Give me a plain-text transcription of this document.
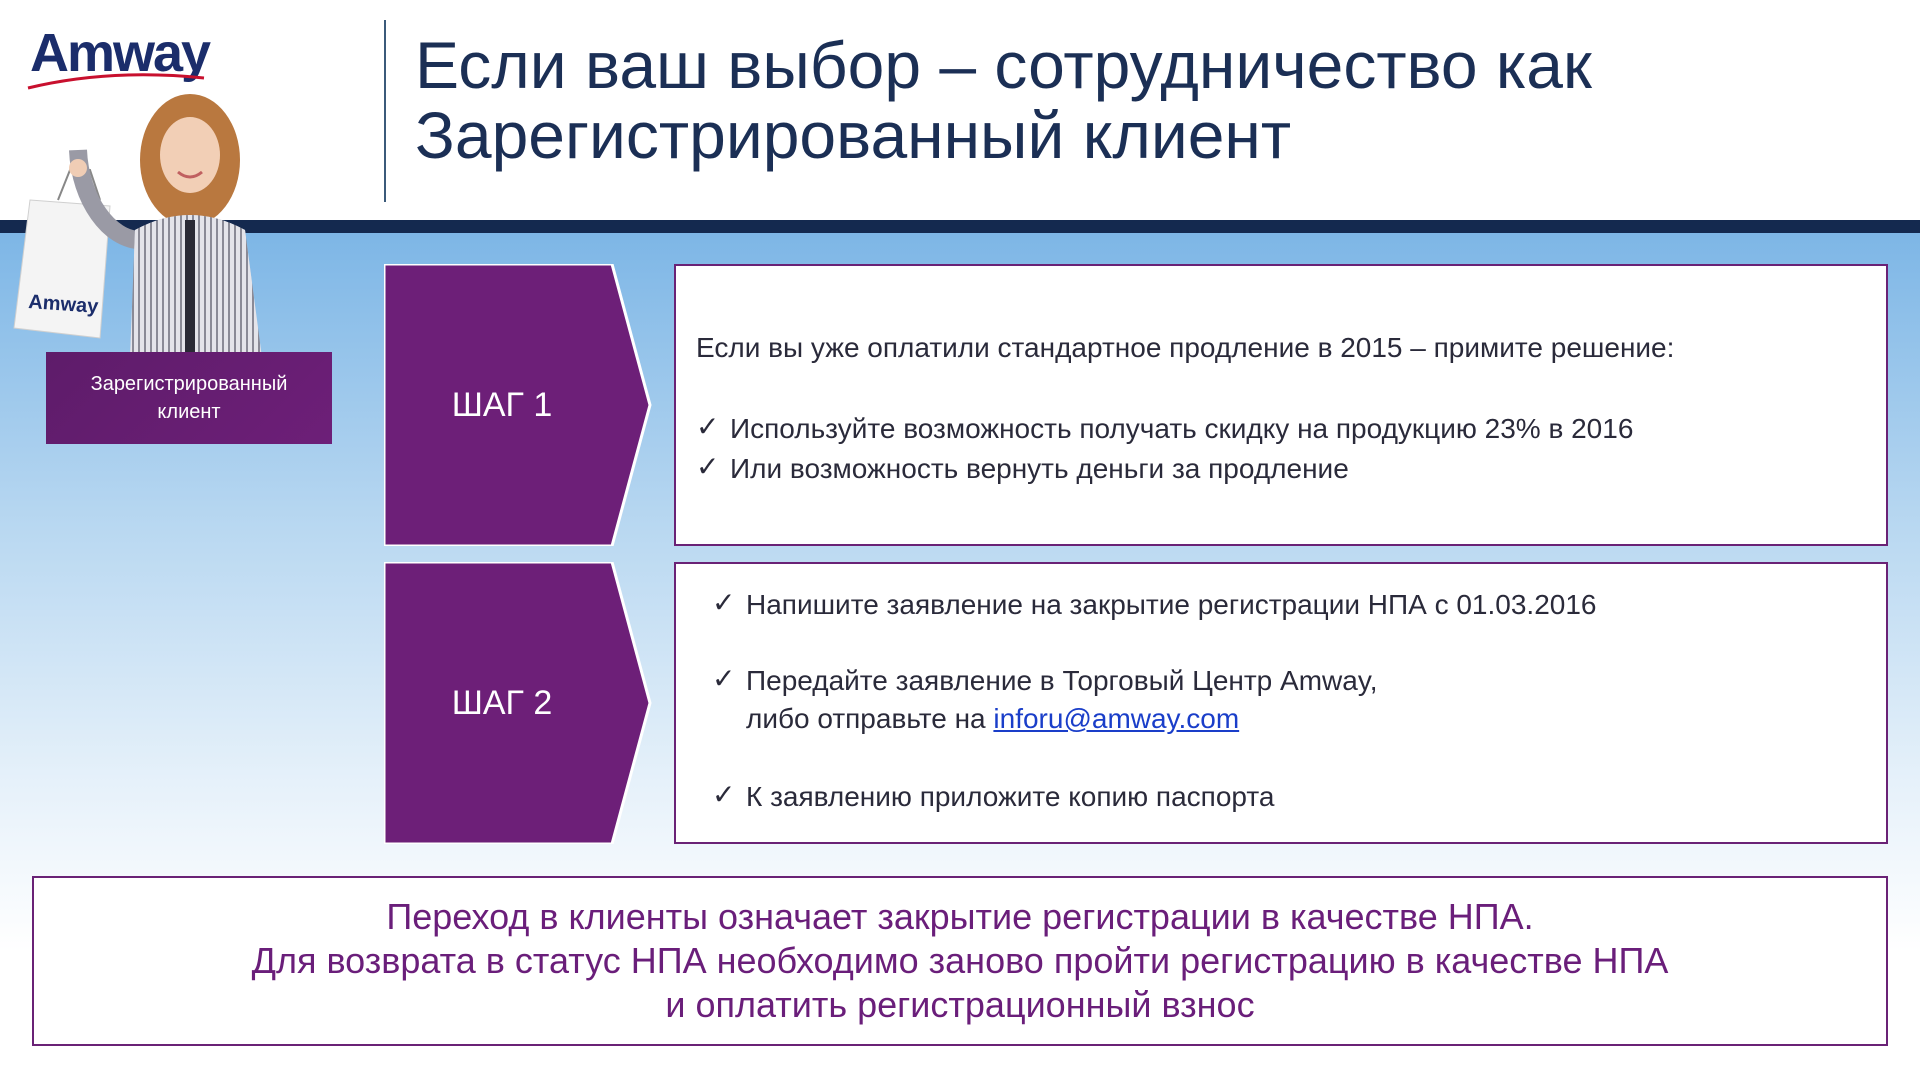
Amway	Если ваш выбор – сотрудничество как
Зарегистрированный клиент
Amway
Зарегистрированный
клиент	ШАГ 1
ШАГ 2
Если вы уже оплатили стандартное продление в 2015 – примите решение:
✓ Используйте возможность получать скидку на продукцию 23% в 2016
✓ Или возможность вернуть деньги за продление
✓ Напишите заявление на закрытие регистрации НПА с 01.03.2016
✓ Передайте заявление в Торговый Центр Amway,
либо отправьте на inforu@amway.com
✓ К заявлению приложите копию паспорта
Переход в клиенты означает закрытие регистрации в качестве НПА.
Для возврата в статус НПА необходимо заново пройти регистрацию в качестве НПА
и оплатить регистрационный взнос
